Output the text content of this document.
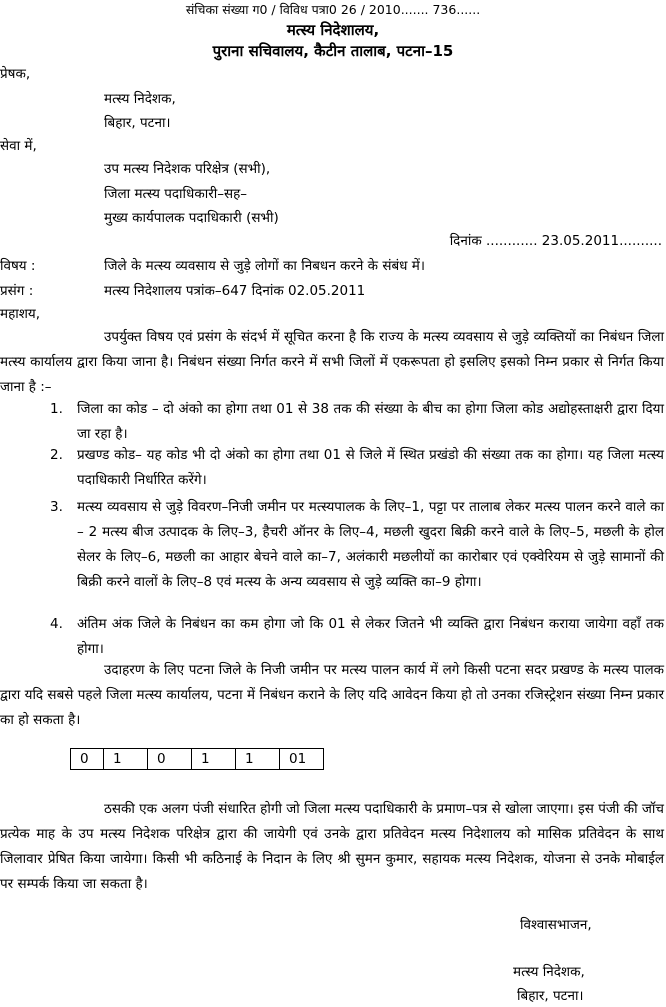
संचिका संख्या ग0 / विविध पत्रा0 26 / 2010....... 736......
मत्स्य निदेशालय,
पुराना सचिवालय, कैटीन तालाब, पटना–15
प्रेषक,
मत्स्य निदेशक,
बिहार, पटना।
सेवा में,
उप मत्स्य निदेशक परिक्षेत्र (सभी),
जिला मत्स्य पदाधिकारी–सह–
मुख्य कार्यपालक पदाधिकारी (सभी)
दिनांक ............ 23.05.2011..........
विषय :	जिले के मत्स्य व्यवसाय से जुड़े लोगों का निबधन करने के संबंध में।
प्रसंग :	मत्स्य निदेशालय पत्रांक–647 दिनांक 02.05.2011
महाशय,
उपर्युक्त विषय एवं प्रसंग के संदर्भ में सूचित करना है कि राज्य के मत्स्य व्यवसाय से जुड़े व्यक्तियों का निबंधन जिला मत्स्य कार्यालय द्वारा किया जाना है। निबंधन संख्या निर्गत करने में सभी जिलों में एकरूपता हो इसलिए इसको निम्न प्रकार से निर्गत किया जाना है :–
1.	जिला का कोड – दो अंको का होगा तथा 01 से 38 तक की संख्या के बीच का होगा जिला कोड अद्योहस्ताक्षरी द्वारा दिया जा रहा है।
2.	प्रखण्ड कोड– यह कोड भी दो अंको का होगा तथा 01 से जिले में स्थित प्रखंडो की संख्या तक का होगा। यह जिला मत्स्य पदाधिकारी निर्धारित करेंगे।
3.	मत्स्य व्यवसाय से जुड़े विवरण–निजी जमीन पर मत्स्यपालक के लिए–1, पट्टा पर तालाब लेकर मत्स्य पालन करने वाले का – 2 मत्स्य बीज उत्पादक के लिए–3, हैचरी ऑनर के लिए–4, मछली खुदरा बिक्री करने वाले के लिए–5, मछली के होल सेलर के लिए–6, मछली का आहार बेचने वाले का–7, अलंकारी मछलीयों का कारोबार एवं एक्वेरियम से जुड़े सामानों की बिक्री करने वालों के लिए–8 एवं मत्स्य के अन्य व्यवसाय से जुड़े व्यक्ति का–9 होगा।
4.	अंतिम अंक जिले के निबंधन का कम होगा जो कि 01 से लेकर जितने भी व्यक्ति द्वारा निबंधन कराया जायेगा वहाँ तक होगा।
उदाहरण के लिए पटना जिले के निजी जमीन पर मत्स्य पालन कार्य में लगे किसी पटना सदर प्रखण्ड के मत्स्य पालक द्वारा यदि सबसे पहले जिला मत्स्य कार्यालय, पटना में निबंधन कराने के लिए यदि आवेदन किया हो तो उनका रजिस्ट्रेशन संख्या निम्न प्रकार का हो सकता है।
0	1	0	1	1	01
ठसकी एक अलग पंजी संधारित होगी जो जिला मत्स्य पदाधिकारी के प्रमाण–पत्र से खोला जाएगा। इस पंजी की जॉच प्रत्येक माह के उप मत्स्य निदेशक परिक्षेत्र द्वारा की जायेगी एवं उनके द्वारा प्रतिवेदन मत्स्य निदेशालय को मासिक प्रतिवेदन के साथ जिलावार प्रेषित किया जायेगा। किसी भी कठिनाई के निदान के लिए श्री सुमन कुमार, सहायक मत्स्य निदेशक, योजना से उनके मोबाईल पर सम्पर्क किया जा सकता है।
विश्वासभाजन,
मत्स्य निदेशक,
बिहार, पटना।
